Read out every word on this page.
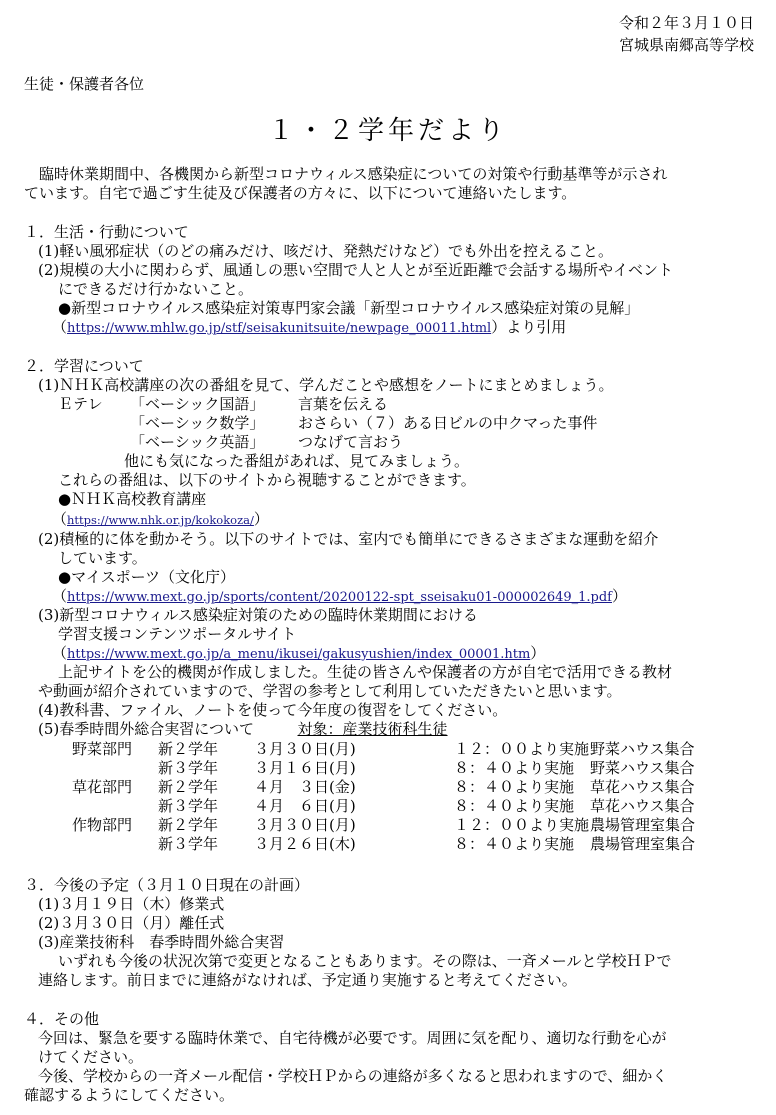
令和２年３月１０日
宮城県南郷高等学校
生徒・保護者各位
１・２学年だより
　臨時休業期間中、各機関から新型コロナウィルス感染症についての対策や行動基準等が示され
ています。自宅で過ごす生徒及び保護者の方々に、以下について連絡いたします。
１．生活・行動について
(1)軽い風邪症状（のどの痛みだけ、咳だけ、発熱だけなど）でも外出を控えること。
(2)規模の大小に関わらず、風通しの悪い空間で人と人とが至近距離で会話する場所やイベント
にできるだけ行かないこと。
●新型コロナウイルス感染症対策専門家会議「新型コロナウイルス感染症対策の見解」
（https://www.mhlw.go.jp/stf/seisakunitsuite/newpage_00011.html）より引用
２．学習について
(1)ＮＨＫ高校講座の次の番組を見て、学んだことや感想をノートにまとめましょう。
Ｅテレ	「ベーシック国語」	言葉を伝える
「ベーシック数学」	おさらい（７）ある日ビルの中クマった事件
「ベーシック英語」	つなげて言おう
他にも気になった番組があれば、見てみましょう。
これらの番組は、以下のサイトから視聴することができます。
●ＮＨＫ高校教育講座
（https://www.nhk.or.jp/kokokoza/）
(2)積極的に体を動かそう。以下のサイトでは、室内でも簡単にできるさまざまな運動を紹介
しています。
●マイスポーツ（文化庁）
（https://www.mext.go.jp/sports/content/20200122-spt_sseisaku01-000002649_1.pdf）
(3)新型コロナウィルス感染症対策のための臨時休業期間における
学習支援コンテンツポータルサイト
（https://www.mext.go.jp/a_menu/ikusei/gakusyushien/index_00001.htm）
上記サイトを公的機関が作成しました。生徒の皆さんや保護者の方が自宅で活用できる教材
や動画が紹介されていますので、学習の参考として利用していただきたいと思います。
(4)教科書、ファイル、ノートを使って今年度の復習をしてください。
(5)春季時間外総合実習について	対象：産業技術科生徒
野菜部門	新２学年	３月３０日(月)	１２：００より実施 野菜ハウス集合
新３学年	３月１６日(月)	８：４０より実施	野菜ハウス集合
草花部門	新２学年	４月　３日(金)	８：４０より実施	草花ハウス集合
新３学年	４月　６日(月)	８：４０より実施	草花ハウス集合
作物部門	新２学年	３月３０日(月)	１２：００より実施 農場管理室集合
新３学年	３月２６日(木)	８：４０より実施	農場管理室集合
３．今後の予定（３月１０日現在の計画）
(1)３月１９日（木）修業式
(2)３月３０日（月）離任式
(3)産業技術科　春季時間外総合実習
いずれも今後の状況次第で変更となることもあります。その際は、一斉メールと学校ＨＰで
連絡します。前日までに連絡がなければ、予定通り実施すると考えてください。
４．その他
今回は、緊急を要する臨時休業で、自宅待機が必要です。周囲に気を配り、適切な行動を心が
けてください。
今後、学校からの一斉メール配信・学校ＨＰからの連絡が多くなると思われますので、細かく
確認するようにしてください。
